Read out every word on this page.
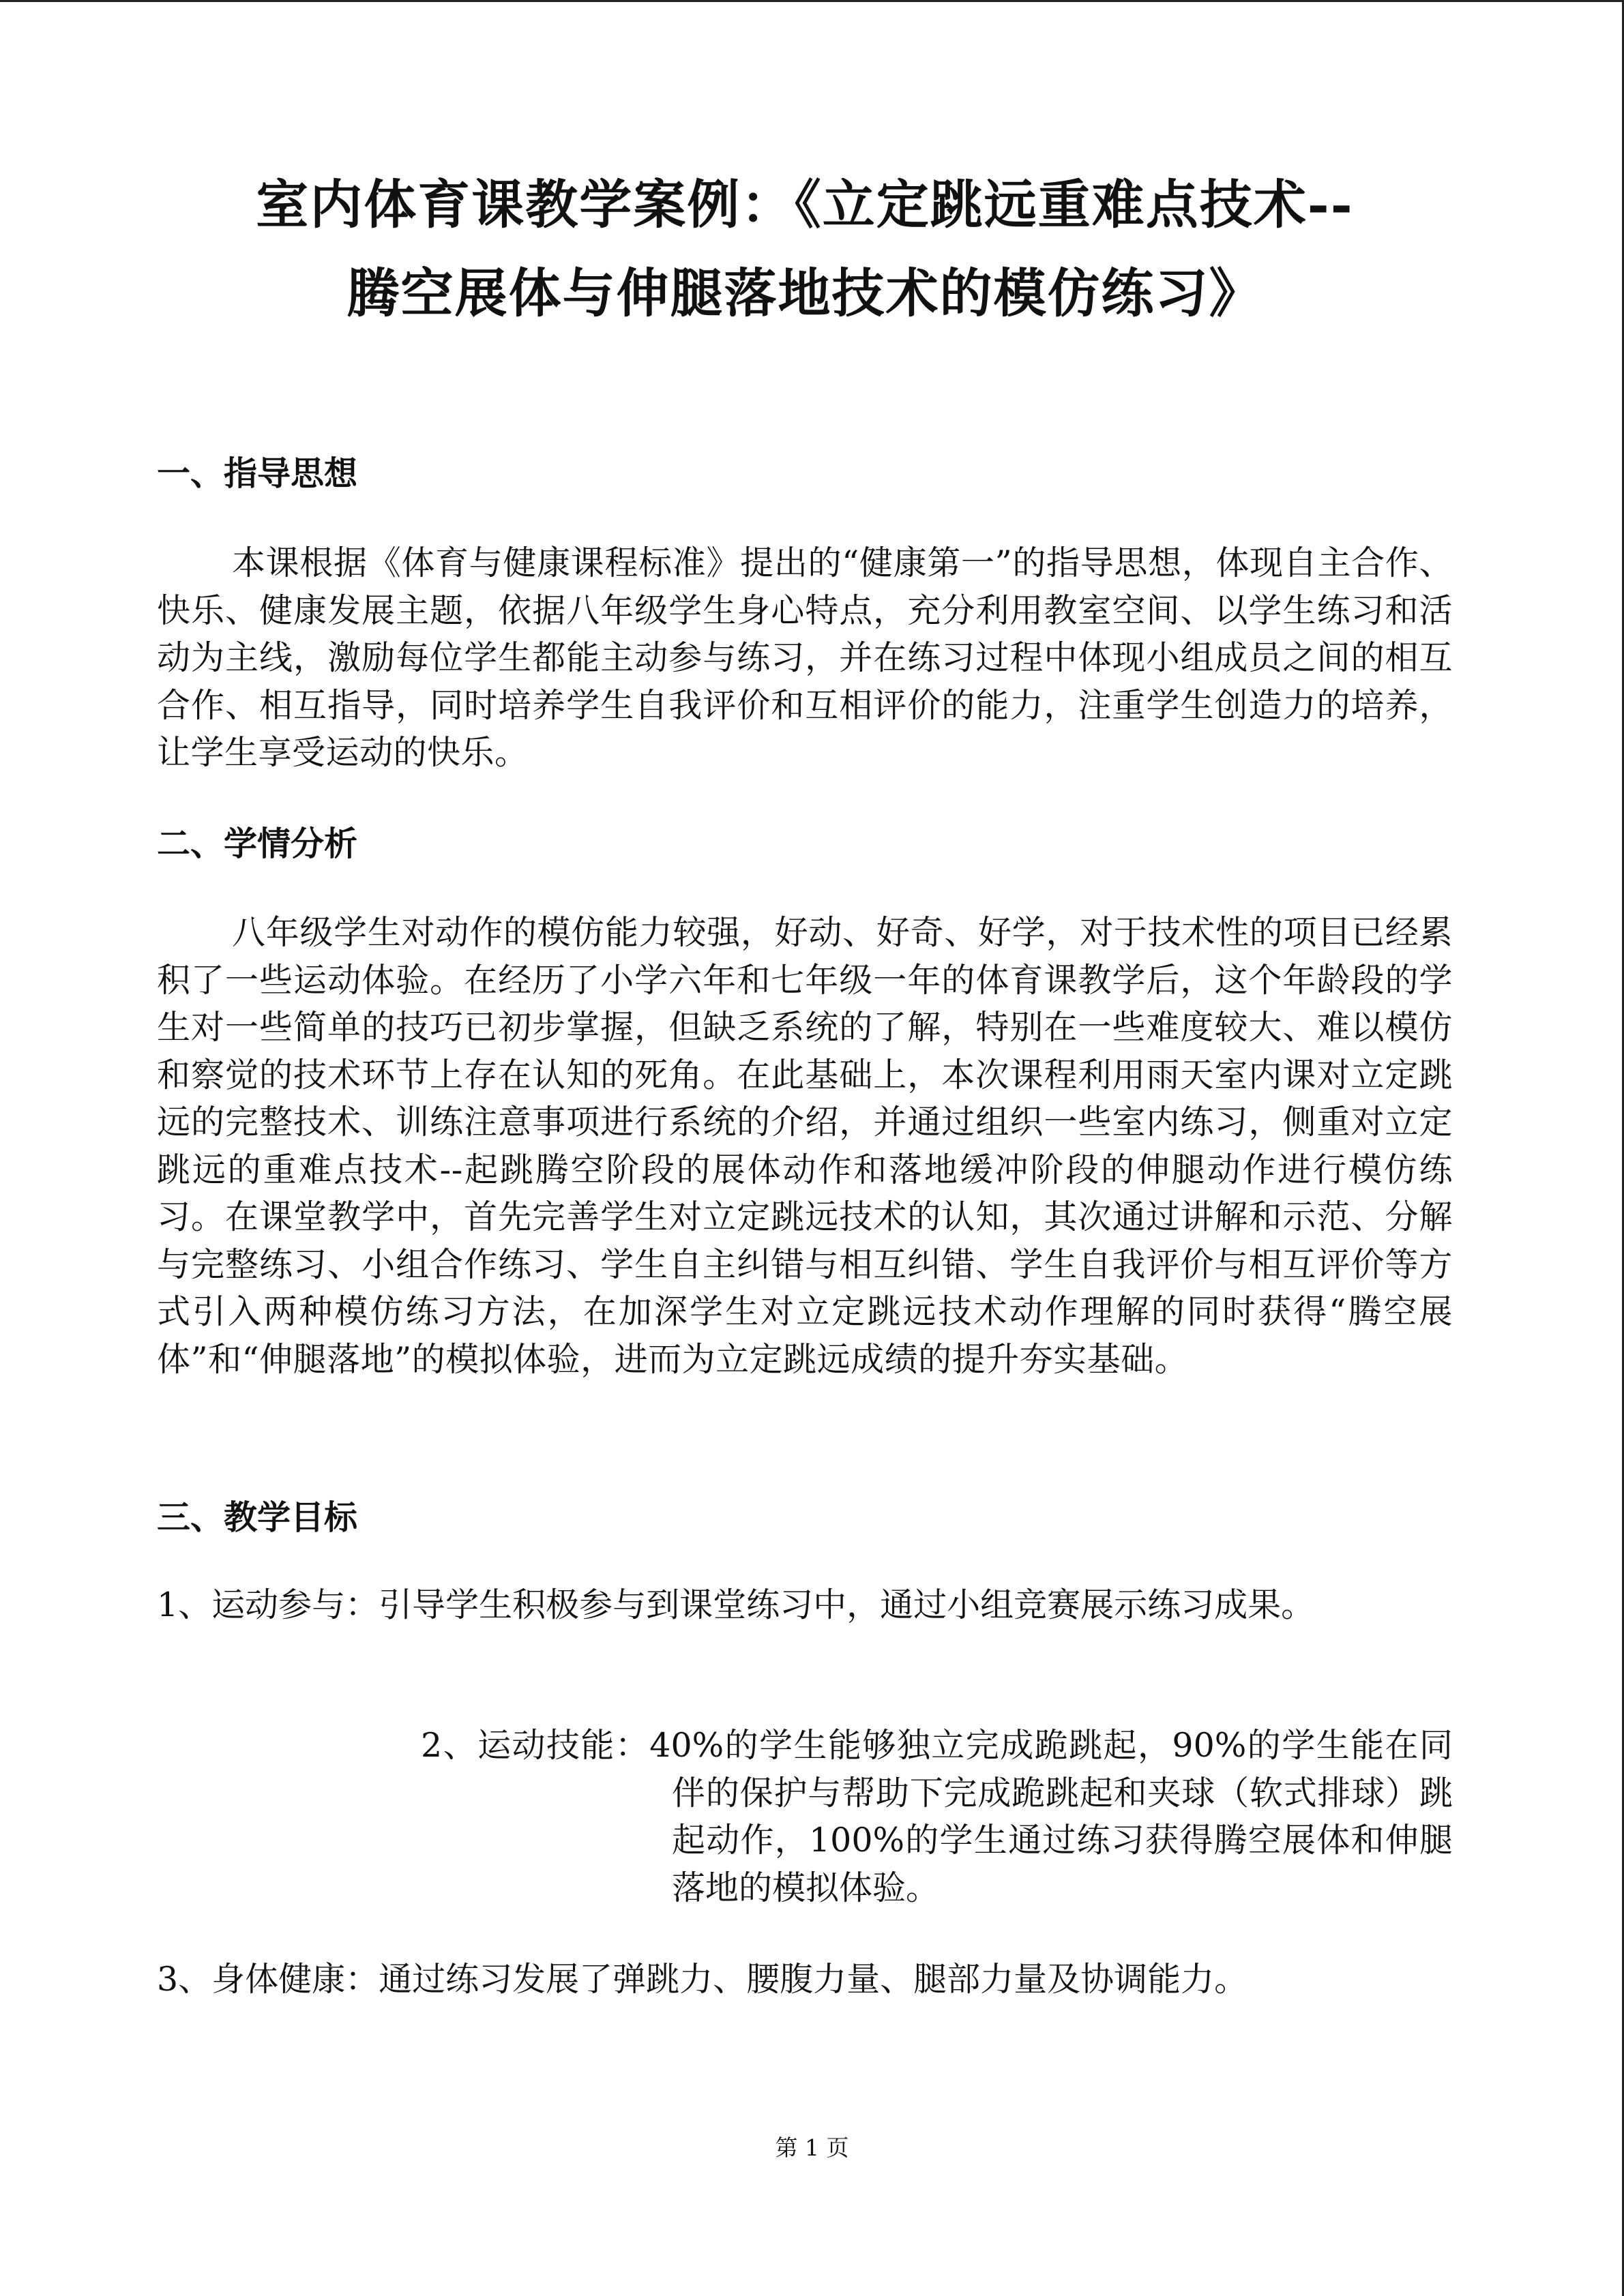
室内体育课教学案例：《立定跳远重难点技术--
腾空展体与伸腿落地技术的模仿练习》
一、指导思想

本课根据《体育与健康课程标准》提出的“健康第一”的指导思想，体现自主合作、快乐、健康发展主题，依据八年级学生身心特点，充分利用教室空间、以学生练习和活动为主线，激励每位学生都能主动参与练习，并在练习过程中体现小组成员之间的相互合作、相互指导，同时培养学生自我评价和互相评价的能力，注重学生创造力的培养，让学生享受运动的快乐。

二、学情分析

八年级学生对动作的模仿能力较强，好动、好奇、好学，对于技术性的项目已经累积了一些运动体验。在经历了小学六年和七年级一年的体育课教学后，这个年龄段的学生对一些简单的技巧已初步掌握，但缺乏系统的了解，特别在一些难度较大、难以模仿和察觉的技术环节上存在认知的死角。在此基础上，本次课程利用雨天室内课对立定跳远的完整技术、训练注意事项进行系统的介绍，并通过组织一些室内练习，侧重对立定跳远的重难点技术--起跳腾空阶段的展体动作和落地缓冲阶段的伸腿动作进行模仿练习。在课堂教学中，首先完善学生对立定跳远技术的认知，其次通过讲解和示范、分解与完整练习、小组合作练习、学生自主纠错与相互纠错、学生自我评价与相互评价等方式引入两种模仿练习方法，在加深学生对立定跳远技术动作理解的同时获得“腾空展体”和“伸腿落地”的模拟体验，进而为立定跳远成绩的提升夯实基础。

三、教学目标

1、运动参与：引导学生积极参与到课堂练习中，通过小组竞赛展示练习成果。

2、运动技能：40%的学生能够独立完成跪跳起，90%的学生能在同伴的保护与帮助下完成跪跳起和夹球（软式排球）跳起动作，100%的学生通过练习获得腾空展体和伸腿落地的模拟体验。

3、身体健康：通过练习发展了弹跳力、腰腹力量、腿部力量及协调能力。

第 1 页
